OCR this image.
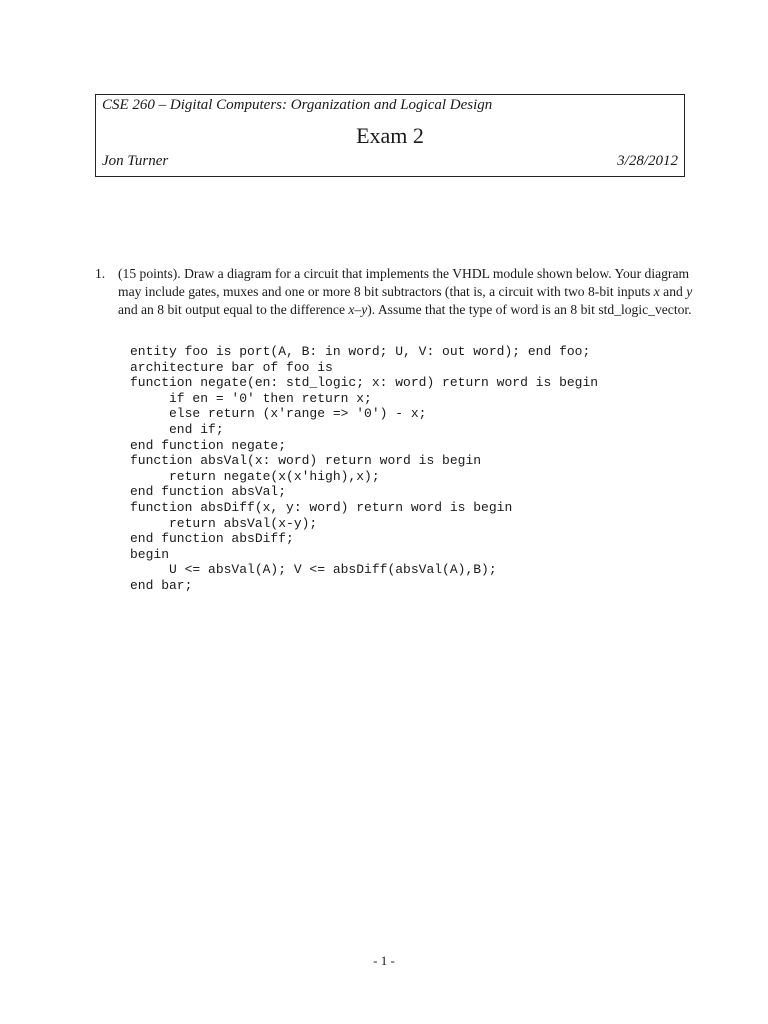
CSE 260 – Digital Computers: Organization and Logical Design
Exam 2
Jon Turner	3/28/2012
1. (15 points). Draw a diagram for a circuit that implements the VHDL module shown below. Your diagram may include gates, muxes and one or more 8 bit subtractors (that is, a circuit with two 8-bit inputs x and y and an 8 bit output equal to the difference x–y). Assume that the type of word is an 8 bit std_logic_vector.
entity foo is port(A, B: in word; U, V: out word); end foo;
architecture bar of foo is
function negate(en: std_logic; x: word) return word is begin
if en = '0' then return x;
else return (x'range => '0') - x;
end if;
end function negate;
function absVal(x: word) return word is begin
return negate(x(x'high),x);
end function absVal;
function absDiff(x, y: word) return word is begin
return absVal(x-y);
end function absDiff;
begin
U <= absVal(A); V <= absDiff(absVal(A),B);
end bar;
- 1 -
